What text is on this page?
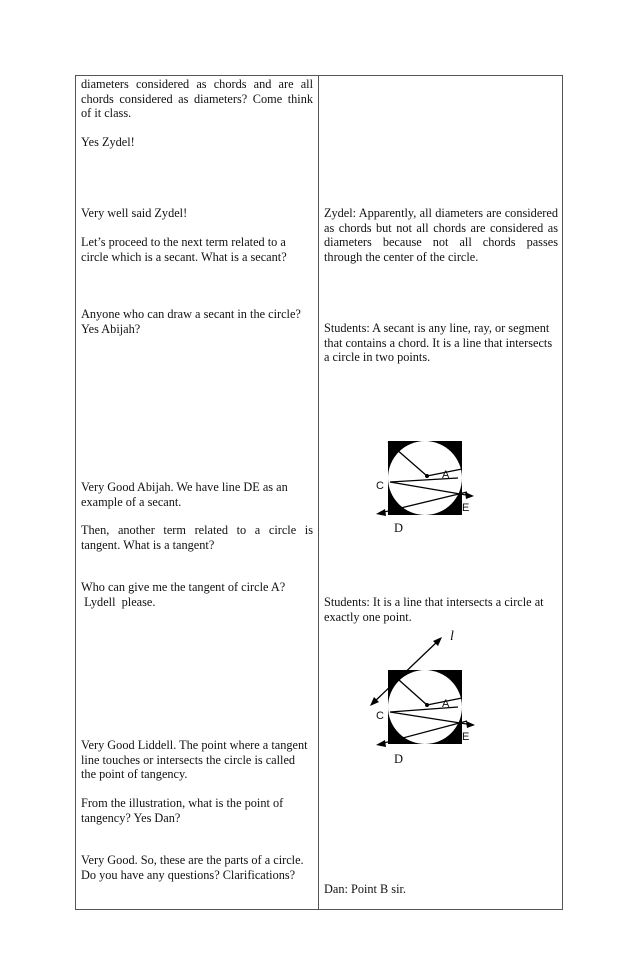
diameters considered as chords and are all chords considered as diameters? Come think of it class.

Yes Zydel!

Very well said Zydel!

Let’s proceed to the next term related to a circle which is a secant. What is a secant?

Anyone who can draw a secant in the circle? Yes Abijah?

Very Good Abijah. We have line DE as an example of a secant.

Then, another term related to a circle is tangent. What is a tangent?

Who can give me the tangent of circle A?
Lydell  please.

Very Good Liddell. The point where a tangent line touches or intersects the circle is called the point of tangency.

From the illustration, what is the point of tangency? Yes Dan?

Very Good. So, these are the parts of a circle. Do you have any questions? Clarifications?

Zydel: Apparently, all diameters are considered as chords but not all chords are considered as diameters because not all chords passes through the center of the circle.

Students: A secant is any line, ray, or segment that contains a chord. It is a line that intersects a circle in two points.

Students: It is a line that intersects a circle at exactly one point.

Dan: Point B sir.

A
C
E
D
l
A
C
E
D
